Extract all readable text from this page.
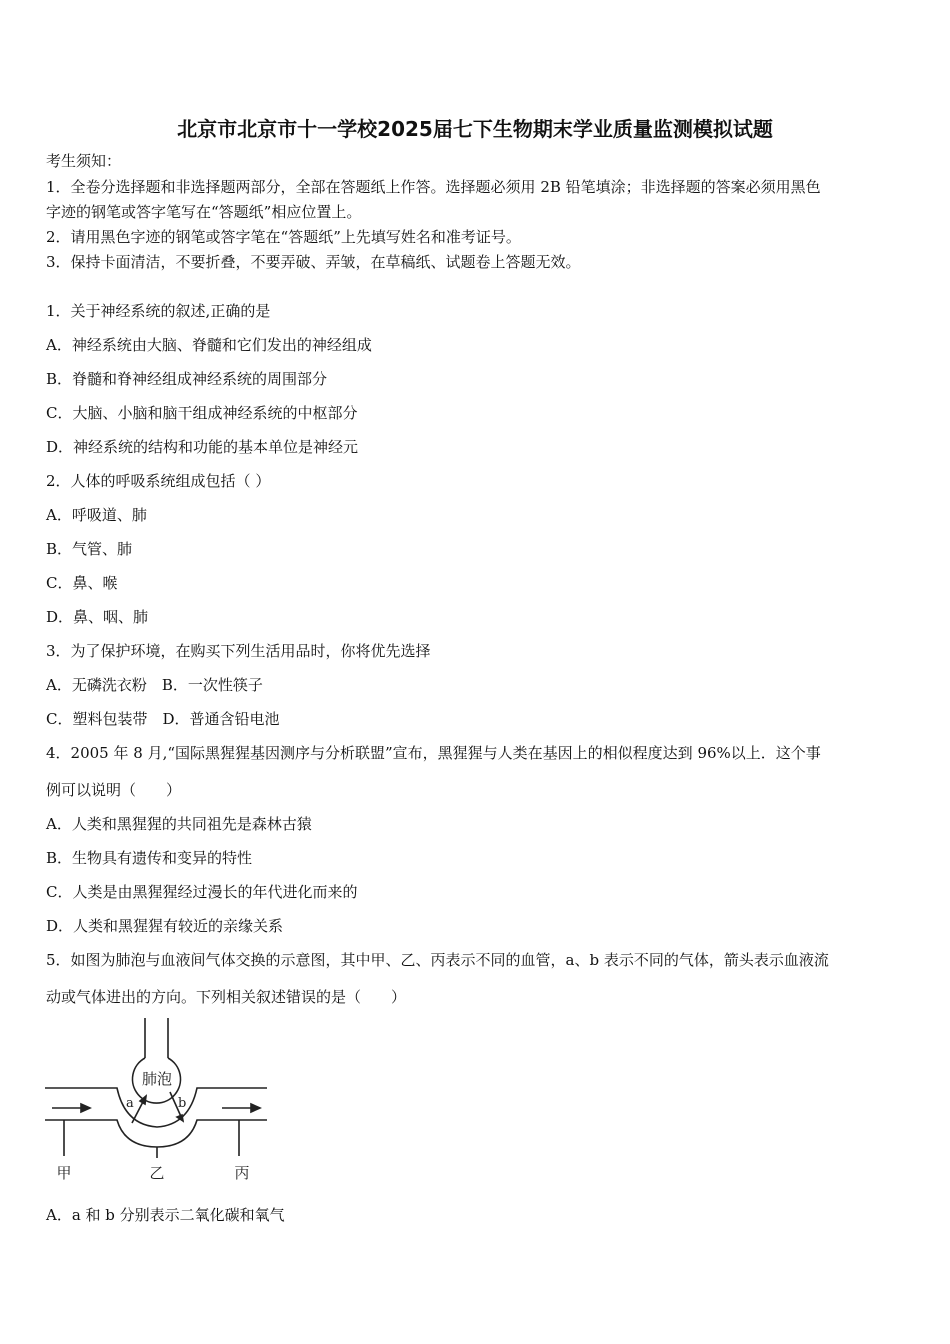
北京市北京市十一学校2025届七下生物期末学业质量监测模拟试题
考生须知：
1．全卷分选择题和非选择题两部分，全部在答题纸上作答。选择题必须用 2B 铅笔填涂；非选择题的答案必须用黑色
字迹的钢笔或答字笔写在“答题纸”相应位置上。
2．请用黑色字迹的钢笔或答字笔在“答题纸”上先填写姓名和准考证号。
3．保持卡面清洁，不要折叠，不要弄破、弄皱，在草稿纸、试题卷上答题无效。
1．关于神经系统的叙述,正确的是
A．神经系统由大脑、脊髓和它们发出的神经组成
B．脊髓和脊神经组成神经系统的周围部分
C．大脑、小脑和脑干组成神经系统的中枢部分
D．神经系统的结构和功能的基本单位是神经元
2．人体的呼吸系统组成包括（ ）
A．呼吸道、肺
B．气管、肺
C．鼻、喉
D．鼻、咽、肺
3．为了保护环境，在购买下列生活用品时，你将优先选择
A．无磷洗衣粉　B．一次性筷子
C．塑料包装带　D．普通含铅电池
4．2005 年 8 月,“国际黑猩猩基因测序与分析联盟”宣布，黑猩猩与人类在基因上的相似程度达到 96%以上．这个事
例可以说明（　　）
A．人类和黑猩猩的共同祖先是森林古猿
B．生物具有遗传和变异的特性
C．人类是由黑猩猩经过漫长的年代进化而来的
D．人类和黑猩猩有较近的亲缘关系
5．如图为肺泡与血液间气体交换的示意图，其中甲、乙、丙表示不同的血管，a、b 表示不同的气体，箭头表示血液流
动或气体进出的方向。下列相关叙述错误的是（　　）
肺泡
a	b
甲	乙	丙
A．a 和 b 分别表示二氧化碳和氧气
